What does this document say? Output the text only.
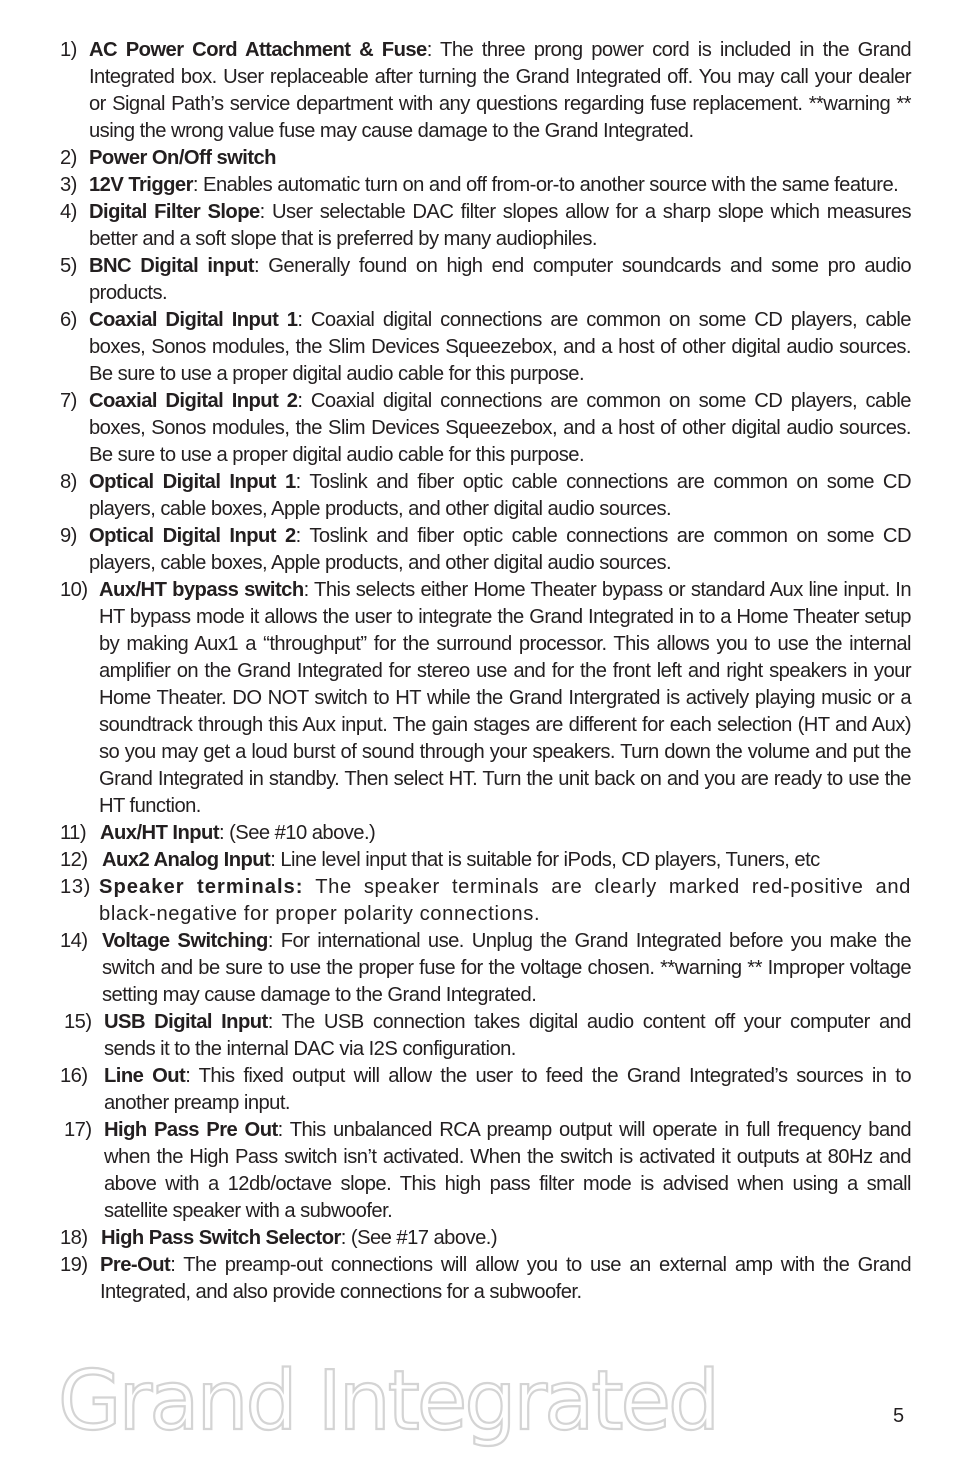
1) AC Power Cord Attachment & Fuse: The three prong power cord is included in the Grand Integrated box. User replaceable after turning the Grand Integrated off. You may call your dealer or Signal Path’s service department with any questions regarding fuse replacement. **warning ** using the wrong value fuse may cause damage to the Grand Integrated.
2) Power On/Off switch
3) 12V Trigger: Enables automatic turn on and off from-or-to another source with the same feature.
4) Digital Filter Slope: User selectable DAC filter slopes allow for a sharp slope which measures better and a soft slope that is preferred by many audiophiles.
5) BNC Digital input: Generally found on high end computer soundcards and some pro audio products.
6) Coaxial Digital Input 1: Coaxial digital connections are common on some CD players, cable boxes, Sonos modules, the Slim Devices Squeezebox, and a host of other digital audio sources. Be sure to use a proper digital audio cable for this purpose.
7) Coaxial Digital Input 2: Coaxial digital connections are common on some CD players, cable boxes, Sonos modules, the Slim Devices Squeezebox, and a host of other digital audio sources. Be sure to use a proper digital audio cable for this purpose.
8) Optical Digital Input 1: Toslink and fiber optic cable connections are common on some CD players, cable boxes, Apple products, and other digital audio sources.
9) Optical Digital Input 2: Toslink and fiber optic cable connections are common on some CD players, cable boxes, Apple products, and other digital audio sources.
10) Aux/HT bypass switch: This selects either Home Theater bypass or standard Aux line input. In HT bypass mode it allows the user to integrate the Grand Integrated in to a Home Theater setup by making Aux1 a “throughput” for the surround processor. This allows you to use the internal amplifier on the Grand Integrated for stereo use and for the front left and right speakers in your Home Theater. DO NOT switch to HT while the Grand Intergrated is actively playing music or a soundtrack through this Aux input. The gain stages are different for each selection (HT and Aux) so you may get a loud burst of sound through your speakers. Turn down the volume and put the Grand Integrated in standby. Then select HT. Turn the unit back on and you are ready to use the HT function.
11) Aux/HT Input: (See #10 above.)
12) Aux2 Analog Input: Line level input that is suitable for iPods, CD players, Tuners, etc
13) Speaker terminals: The speaker terminals are clearly marked red-positive and black-negative for proper polarity connections.
14) Voltage Switching: For international use. Unplug the Grand Integrated before you make the switch and be sure to use the proper fuse for the voltage chosen. **warning ** Improper voltage setting may cause damage to the Grand Integrated.
15) USB Digital Input: The USB connection takes digital audio content off your computer and sends it to the internal DAC via I2S configuration.
16) Line Out: This fixed output will allow the user to feed the Grand Integrated’s sources in to another preamp input.
17) High Pass Pre Out: This unbalanced RCA preamp output will operate in full frequency band when the High Pass switch isn’t activated. When the switch is activated it outputs at 80Hz and above with a 12db/octave slope. This high pass filter mode is advised when using a small satellite speaker with a subwoofer.
18) High Pass Switch Selector: (See #17 above.)
19) Pre-Out: The preamp-out connections will allow you to use an external amp with the Grand Integrated, and also provide connections for a subwoofer.
Grand Integrated	5
